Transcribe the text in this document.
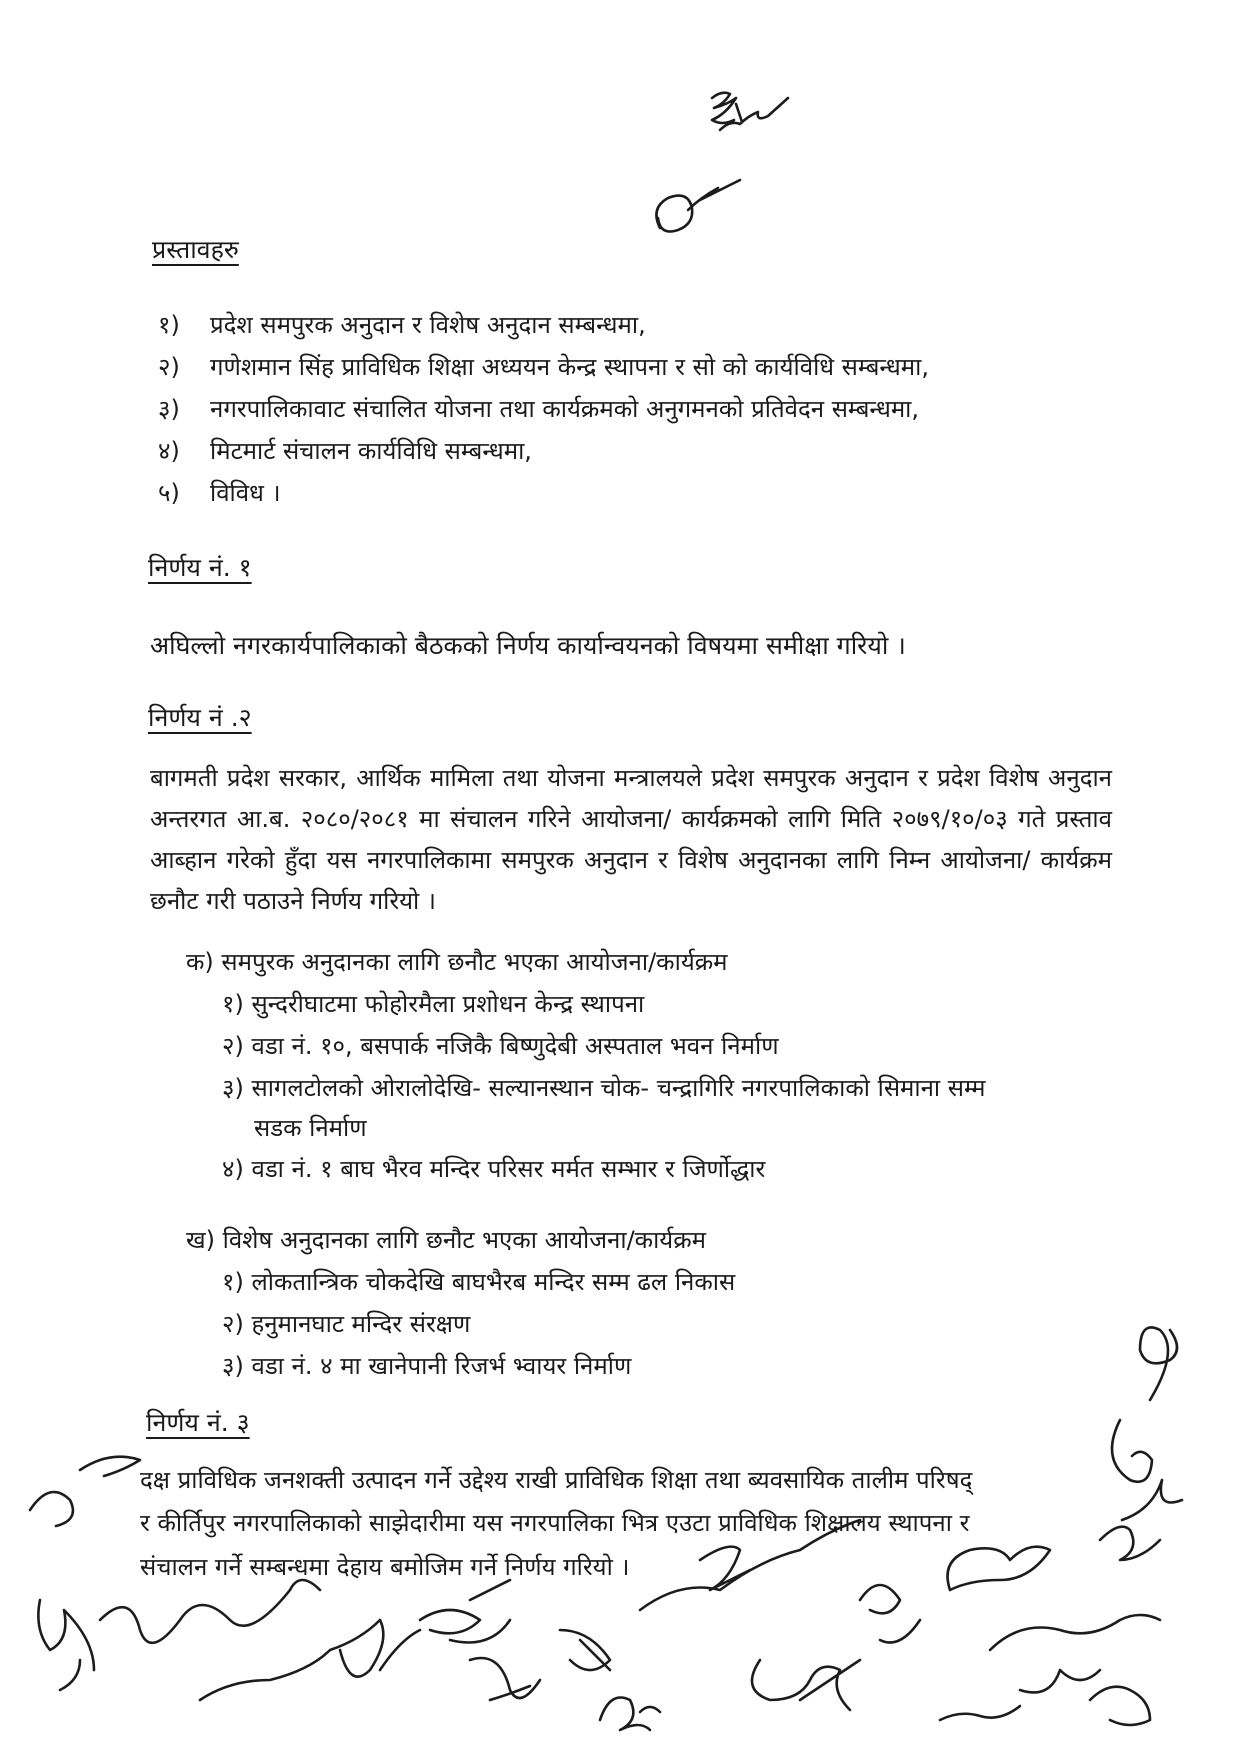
प्रस्तावहरु
१) प्रदेश समपुरक अनुदान र विशेष अनुदान सम्बन्धमा,
२) गणेशमान सिंह प्राविधिक शिक्षा अध्ययन केन्द्र स्थापना र सो को कार्यविधि सम्बन्धमा,
३) नगरपालिकावाट संचालित योजना तथा कार्यक्रमको अनुगमनको प्रतिवेदन सम्बन्धमा,
४) मिटमार्ट संचालन कार्यविधि सम्बन्धमा,
५) विविध ।
निर्णय नं. १
अघिल्लो नगरकार्यपालिकाको बैठकको निर्णय कार्यान्वयनको विषयमा समीक्षा गरियो ।
निर्णय नं .२
बागमती प्रदेश सरकार, आर्थिक मामिला तथा योजना मन्त्रालयले प्रदेश समपुरक अनुदान र प्रदेश विशेष अनुदान अन्तरगत आ.ब. २०८०/२०८१ मा संचालन गरिने आयोजना/ कार्यक्रमको लागि मिति २०७९/१०/०३ गते प्रस्ताव आब्हान गरेको हुँदा यस नगरपालिकामा समपुरक अनुदान र विशेष अनुदानका लागि निम्न आयोजना/ कार्यक्रम छनौट गरी पठाउने निर्णय गरियो ।
क) समपुरक अनुदानका लागि छनौट भएका आयोजना/कार्यक्रम
१) सुन्दरीघाटमा फोहोरमैला प्रशोधन केन्द्र स्थापना
२) वडा नं. १०, बसपार्क नजिकै बिष्णुदेबी अस्पताल भवन निर्माण
३) सागलटोलको ओरालोदेखि- सल्यानस्थान चोक- चन्द्रागिरि नगरपालिकाको सिमाना सम्म
सडक निर्माण
४) वडा नं. १ बाघ भैरव मन्दिर परिसर मर्मत सम्भार र जिर्णोद्धार
ख) विशेष अनुदानका लागि छनौट भएका आयोजना/कार्यक्रम
१) लोकतान्त्रिक चोकदेखि बाघभैरब मन्दिर सम्म ढल निकास
२) हनुमानघाट मन्दिर संरक्षण
३) वडा नं. ४ मा खानेपानी रिजर्भ भ्वायर निर्माण
निर्णय नं. ३
दक्ष प्राविधिक जनशक्ती उत्पादन गर्ने उद्देश्य राखी प्राविधिक शिक्षा तथा ब्यवसायिक तालीम परिषद्
र कीर्तिपुर नगरपालिकाको साझेदारीमा यस नगरपालिका भित्र एउटा प्राविधिक शिक्षालय स्थापना र
संचालन गर्ने सम्बन्धमा देहाय बमोजिम गर्ने निर्णय गरियो ।
